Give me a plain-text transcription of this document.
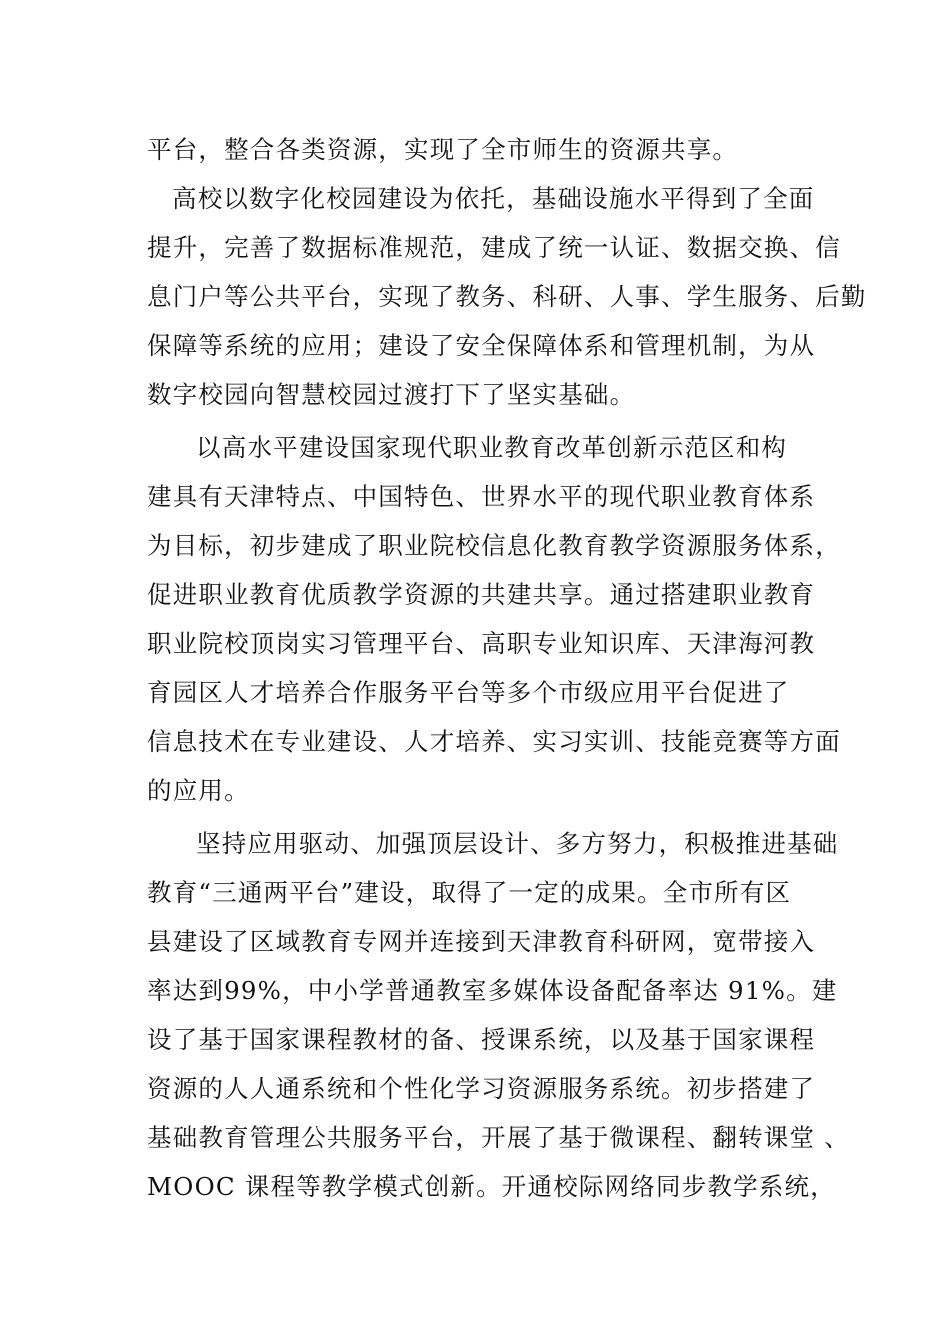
平台，整合各类资源，实现了全市师生的资源共享。
高校以数字化校园建设为依托，基础设施水平得到了全面
提升，完善了数据标准规范，建成了统一认证、数据交换、信
息门户等公共平台，实现了教务、科研、人事、学生服务、后勤
保障等系统的应用；建设了安全保障体系和管理机制，为从
数字校园向智慧校园过渡打下了坚实基础。
以高水平建设国家现代职业教育改革创新示范区和构
建具有天津特点、中国特色、世界水平的现代职业教育体系
为目标，初步建成了职业院校信息化教育教学资源服务体系，
促进职业教育优质教学资源的共建共享。通过搭建职业教育
职业院校顶岗实习管理平台、高职专业知识库、天津海河教
育园区人才培养合作服务平台等多个市级应用平台促进了
信息技术在专业建设、人才培养、实习实训、技能竞赛等方面
的应用。
坚持应用驱动、加强顶层设计、多方努力，积极推进基础
教育“三通两平台”建设，取得了一定的成果。全市所有区
县建设了区域教育专网并连接到天津教育科研网，宽带接入
率达到99%，中小学普通教室多媒体设备配备率达 91%。建
设了基于国家课程教材的备、授课系统，以及基于国家课程
资源的人人通系统和个性化学习资源服务系统。初步搭建了
基础教育管理公共服务平台，开展了基于微课程、翻转课堂 、
MOOC 课程等教学模式创新。开通校际网络同步教学系统，
